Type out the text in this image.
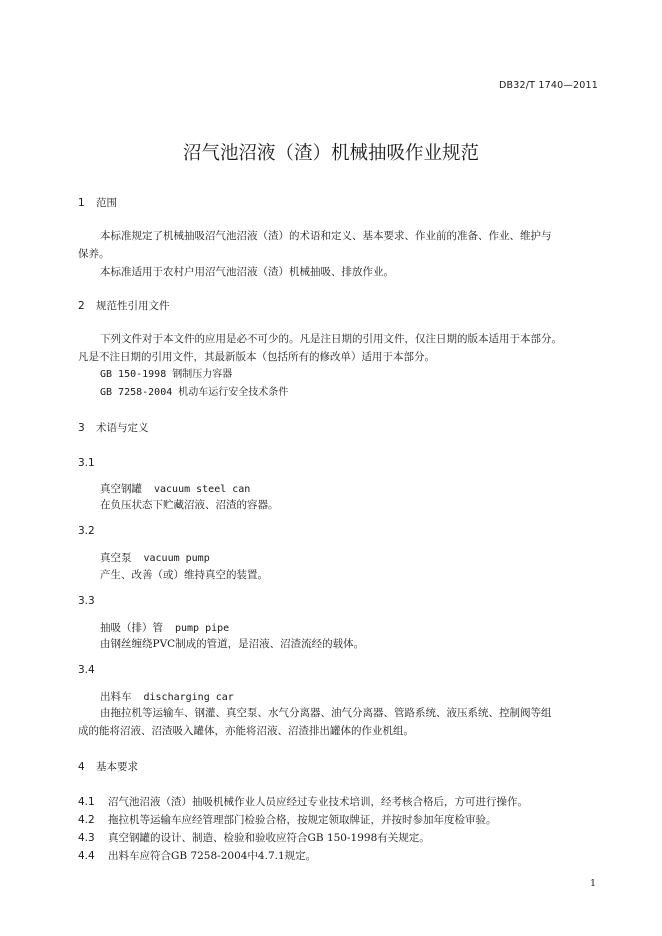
DB32/T 1740—2011
沼气池沼液（渣）机械抽吸作业规范
1 范围
本标准规定了机械抽吸沼气池沼液（渣）的术语和定义、基本要求、作业前的准备、作业、维护与
保养。
本标准适用于农村户用沼气池沼液（渣）机械抽吸、排放作业。
2 规范性引用文件
下列文件对于本文件的应用是必不可少的。凡是注日期的引用文件，仅注日期的版本适用于本部分。
凡是不注日期的引用文件，其最新版本（包括所有的修改单）适用于本部分。
GB 150-1998 钢制压力容器
GB 7258-2004 机动车运行安全技术条件
3 术语与定义
3.1
真空钢罐 vacuum steel can
在负压状态下贮藏沼液、沼渣的容器。
3.2
真空泵 vacuum pump
产生、改善（或）维持真空的装置。
3.3
抽吸（排）管 pump pipe
由钢丝缠绕PVC制成的管道，是沼液、沼渣流经的载体。
3.4
出料车 discharging car
由拖拉机等运输车、钢灌、真空泵、水气分离器、油气分离器、管路系统、液压系统、控制阀等组
成的能将沼液、沼渣吸入罐体，亦能将沼液、沼渣排出罐体的作业机组。
4 基本要求
4.1 沼气池沼液（渣）抽吸机械作业人员应经过专业技术培训，经考核合格后，方可进行操作。
4.2 拖拉机等运输车应经管理部门检验合格，按规定领取牌证，并按时参加年度检审验。
4.3 真空钢罐的设计、制造、检验和验收应符合GB 150-1998有关规定。
4.4 出料车应符合GB 7258-2004中4.7.1规定。
1
